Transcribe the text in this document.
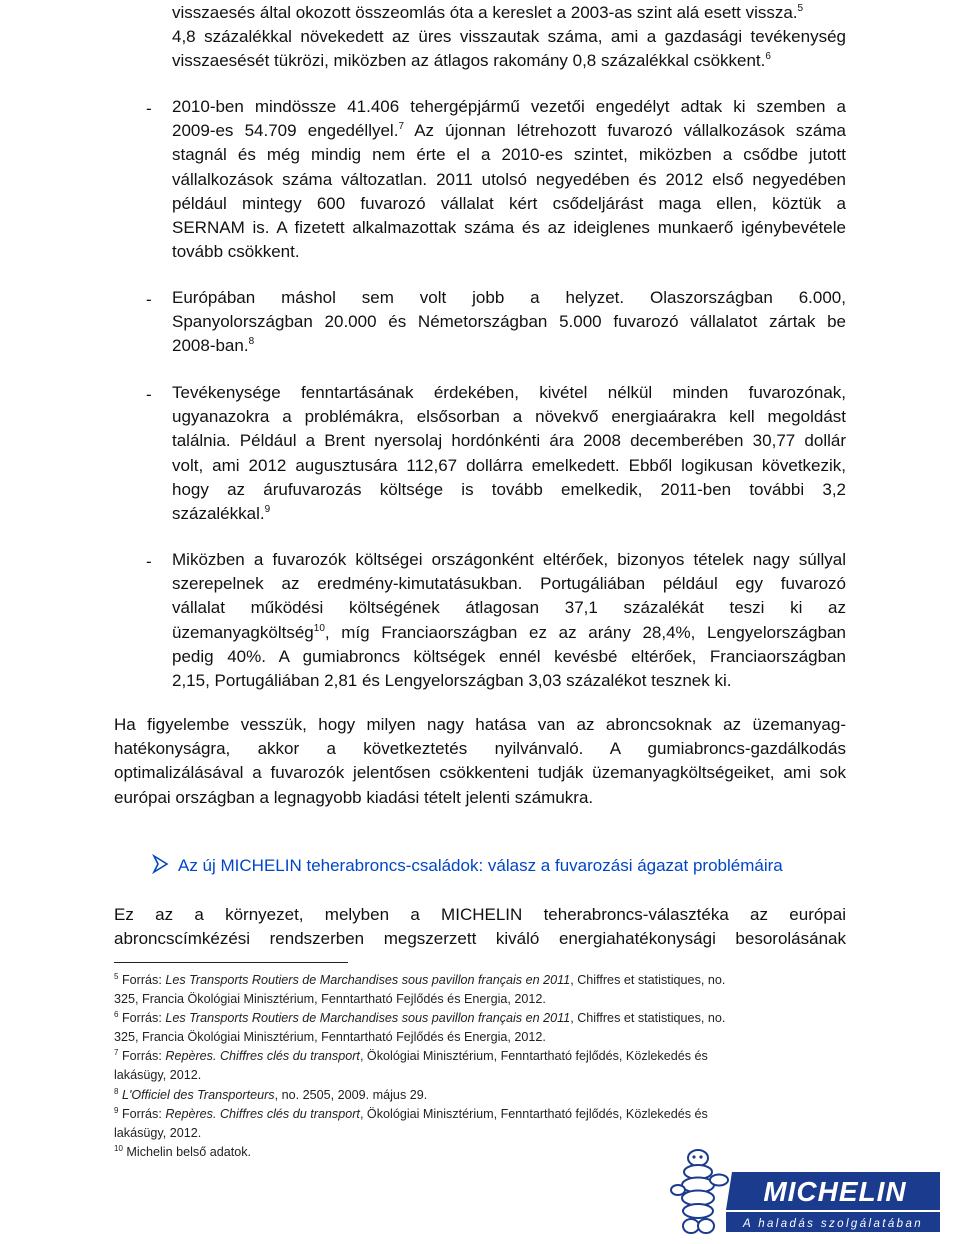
visszaesés által okozott összeomlás óta a kereslet a 2003-as szint alá esett vissza.$^5$
4,8 százalékkal növekedett az üres visszautak száma, ami a gazdasági tevékenység
visszaesését tükrözi, miközben az átlagos rakomány 0,8 százalékkal csökkent.$^6$
- 2010-ben mindössze 41.406 tehergépjármű vezetői engedélyt adtak ki szemben a
2009-es 54.709 engedéllyel.$^7$ Az újonnan létrehozott fuvarozó vállalkozások száma
stagnál és még mindig nem érte el a 2010-es szintet, miközben a csődbe jutott
vállalkozások száma változatlan. 2011 utolsó negyedében és 2012 első negyedében
például mintegy 600 fuvarozó vállalat kért csődeljárást maga ellen, köztük a
SERNAM is. A fizetett alkalmazottak száma és az ideiglenes munkaerő igénybevétele
tovább csökkent.
- Európában máshol sem volt jobb a helyzet. Olaszországban 6.000,
Spanyolországban 20.000 és Németországban 5.000 fuvarozó vállalatot zártak be
2008-ban.$^8$
- Tevékenysége fenntartásának érdekében, kivétel nélkül minden fuvarozónak,
ugyanazokra a problémákra, elsősorban a növekvő energiaárakra kell megoldást
találnia. Például a Brent nyersolaj hordónkénti ára 2008 decemberében 30,77 dollár
volt, ami 2012 augusztusára 112,67 dollárra emelkedett. Ebből logikusan következik,
hogy az árufuvarozás költsége is tovább emelkedik, 2011-ben további 3,2
százalékkal.$^9$
- Miközben a fuvarozók költségei országonként eltérőek, bizonyos tételek nagy súllyal
szerepelnek az eredmény-kimutatásukban. Portugáliában például egy fuvarozó
vállalat működési költségének átlagosan 37,1 százalékát teszi ki az
üzemanyagköltség$^{10}$, míg Franciaországban ez az arány 28,4%, Lengyelországban
pedig 40%. A gumiabroncs költségek ennél kevésbé eltérőek, Franciaországban
2,15, Portugáliában 2,81 és Lengyelországban 3,03 százalékot tesznek ki.
Ha figyelembe vesszük, hogy milyen nagy hatása van az abroncsoknak az üzemanyag-
hatékonyságra, akkor a következtetés nyilvánvaló. A gumiabroncs-gazdálkodás
optimalizálásával a fuvarozók jelentősen csökkenteni tudják üzemanyagköltségeiket, ami sok
európai országban a legnagyobb kiadási tételt jelenti számukra.
Az új MICHELIN teherabroncs-családok: válasz a fuvarozási ágazat problémáira
Ez az a környezet, melyben a MICHELIN teherabroncs-választéka az európai
abroncscímkézési rendszerben megszerzett kiváló energiahatékonysági besorolásának
$^5$ Forrás: Les Transports Routiers de Marchandises sous pavillon français en 2011, Chiffres et statistiques, no.
325, Francia Ökológiai Minisztérium, Fenntartható Fejlődés és Energia, 2012.
$^6$ Forrás: Les Transports Routiers de Marchandises sous pavillon français en 2011, Chiffres et statistiques, no.
325, Francia Ökológiai Minisztérium, Fenntartható Fejlődés és Energia, 2012.
$^7$ Forrás: Repères. Chiffres clés du transport, Ökológiai Minisztérium, Fenntartható fejlődés, Közlekedés és
lakásügy, 2012.
$^8$ L'Officiel des Transporteurs, no. 2505, 2009. május 29.
$^9$ Forrás: Repères. Chiffres clés du transport, Ökológiai Minisztérium, Fenntartható fejlődés, Közlekedés és
lakásügy, 2012.
$^{10}$ Michelin belső adatok.
MICHELIN
A haladás szolgálatában
